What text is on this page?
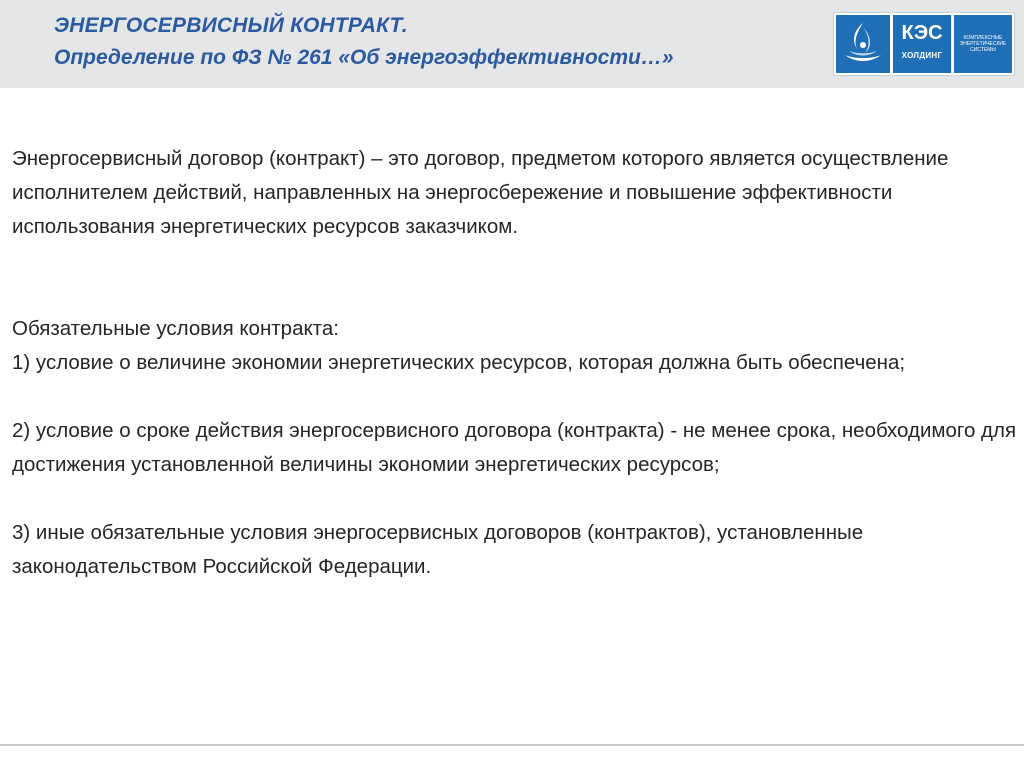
ЭНЕРГОСЕРВИСНЫЙ КОНТРАКТ.
Определение по ФЗ № 261 «Об энергоэффективности…»
КЭС
ХОЛДИНГ
КОМПЛЕКСНЫЕ ЭНЕРГЕТИЧЕСКИЕ СИСТЕМЫ

Энергосервисный договор (контракт) – это договор, предметом которого является осуществление исполнителем действий, направленных на энергосбережение и повышение эффективности использования энергетических ресурсов заказчиком.

Обязательные условия контракта:

1) условие о величине экономии энергетических ресурсов, которая должна быть обеспечена;

2) условие о сроке действия энергосервисного договора (контракта) - не менее срока, необходимого для достижения установленной величины экономии энергетических ресурсов;

3) иные обязательные условия энергосервисных договоров (контрактов), установленные законодательством Российской Федерации.
